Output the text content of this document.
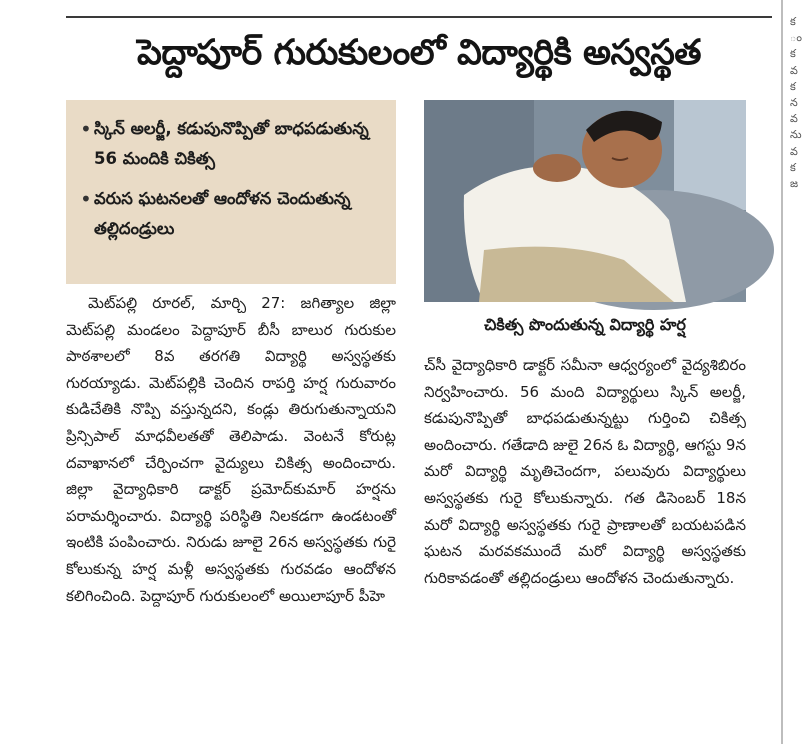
పెద్దాపూర్ గురుకులంలో విద్యార్థికి అస్వస్థత
• స్కిన్ అలర్జీ, కడుపునొప్పితో బాధపడుతున్న 56 మందికి చికిత్స
• వరుస ఘటనలతో ఆందోళన చెందుతున్న తల్లిదండ్రులు
చికిత్స పొందుతున్న విద్యార్థి హర్ష

మెట్‌పల్లి రూరల్, మార్చి 27: జగిత్యాల జిల్లా మెట్‌పల్లి మండలం పెద్దాపూర్ బీసీ బాలుర గురుకుల పాఠశాలలో 8వ తరగతి విద్యార్థి అస్వస్థతకు గురయ్యాడు. మెట్‌పల్లికి చెందిన రాపర్తి హర్ష గురువారం కుడిచేతికి నొప్పి వస్తున్నదని, కండ్లు తిరుగుతున్నాయని ప్రిన్సిపాల్ మాధవీలతతో తెలిపాడు. వెంటనే కోరుట్ల దవాఖానలో చేర్పించగా వైద్యులు చికిత్స అందించారు. జిల్లా వైద్యాధికారి డాక్టర్ ప్రమోద్‌కుమార్ హర్షను పరామర్శించారు. విద్యార్థి పరిస్థితి నిలకడగా ఉండటంతో ఇంటికి పంపించారు. నిరుడు జూలై 26న అస్వస్థతకు గురై కోలుకున్న హర్ష మళ్లీ అస్వస్థతకు గురవడం ఆందోళన కలిగించింది. పెద్దాపూర్ గురుకులంలో అయిలాపూర్ పీహె

చ్‌సీ వైద్యాధికారి డాక్టర్ సమీనా ఆధ్వర్యంలో వైద్యశిబిరం నిర్వహించారు. 56 మంది విద్యార్థులు స్కిన్ అలర్జీ, కడుపునొప్పితో బాధపడుతున్నట్టు గుర్తించి చికిత్స అందించారు. గతేడాది జులై 26న ఓ విద్యార్థి, ఆగస్టు 9న మరో విద్యార్థి మృతిచెందగా, పలువురు విద్యార్థులు అస్వస్థతకు గురై కోలుకున్నారు. గత డిసెంబర్ 18న మరో విద్యార్థి అస్వస్థతకు గురై ప్రాణాలతో బయటపడిన ఘటన మరవకముందే మరో విద్యార్థి అస్వస్థతకు గురికావడంతో తల్లిదండ్రులు ఆందోళన చెందుతున్నారు.

క
ం
క
వ
క
న
వ
ను
వ
క
జ
